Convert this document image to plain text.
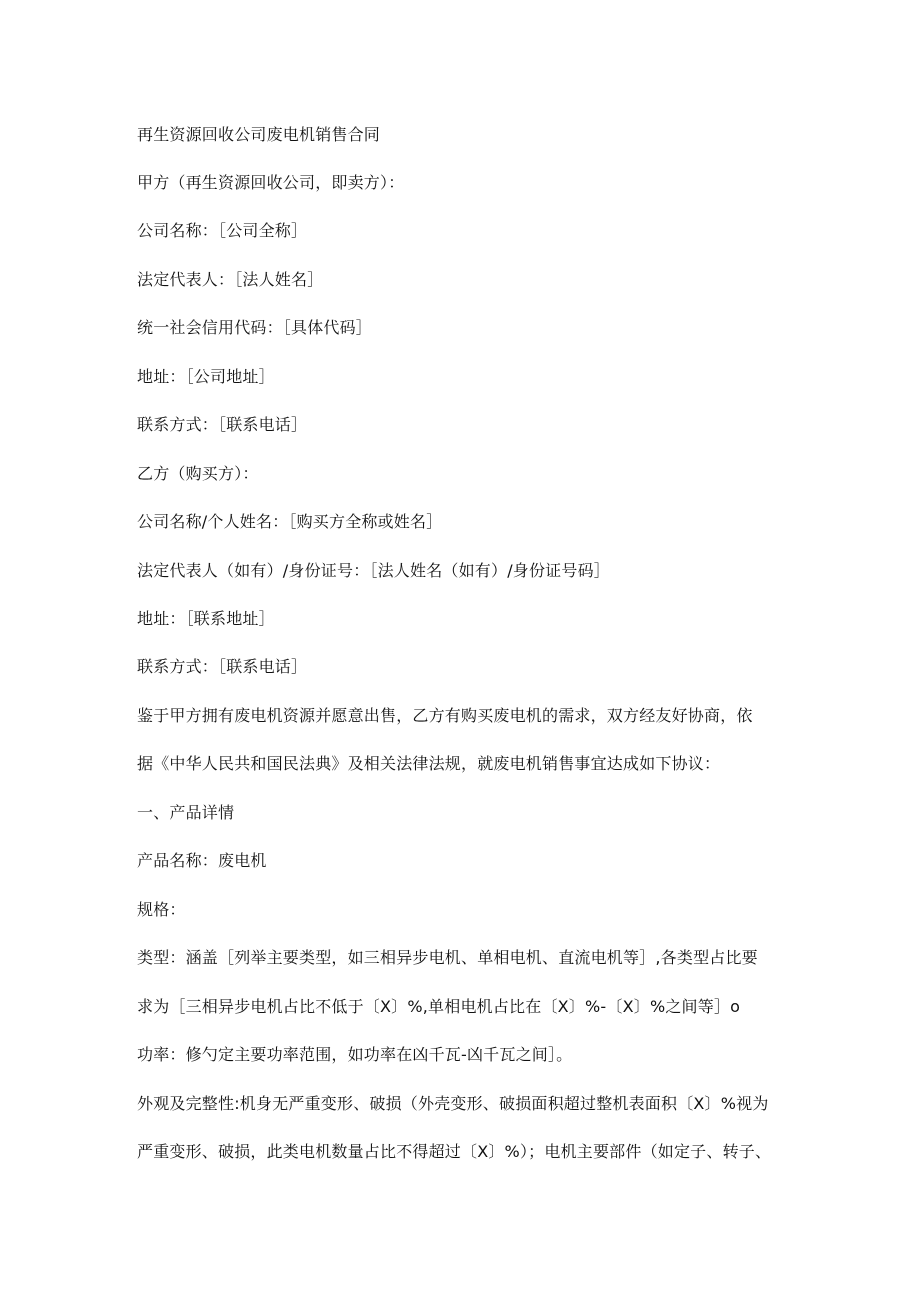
再生资源回收公司废电机销售合同
甲方（再生资源回收公司，即卖方）：
公司名称：［公司全称］
法定代表人：［法人姓名］
统一社会信用代码：［具体代码］
地址：［公司地址］
联系方式：［联系电话］
乙方（购买方）：
公司名称/个人姓名：［购买方全称或姓名］
法定代表人（如有）/身份证号：［法人姓名（如有）/身份证号码］
地址：［联系地址］
联系方式：［联系电话］
鉴于甲方拥有废电机资源并愿意出售，乙方有购买废电机的需求，双方经友好协商，依
据《中华人民共和国民法典》及相关法律法规，就废电机销售事宜达成如下协议：
一、产品详情
产品名称：废电机
规格：
类型：涵盖［列举主要类型，如三相异步电机、单相电机、直流电机等］,各类型占比要
求为［三相异步电机占比不低于〔X〕%,单相电机占比在〔X〕%-〔X〕%之间等］o
功率：修勺定主要功率范围，如功率在凶千瓦-凶千瓦之间］。
外观及完整性:机身无严重变形、破损（外壳变形、破损面积超过整机表面积〔X〕%视为
严重变形、破损，此类电机数量占比不得超过〔X〕%）；电机主要部件（如定子、转子、
